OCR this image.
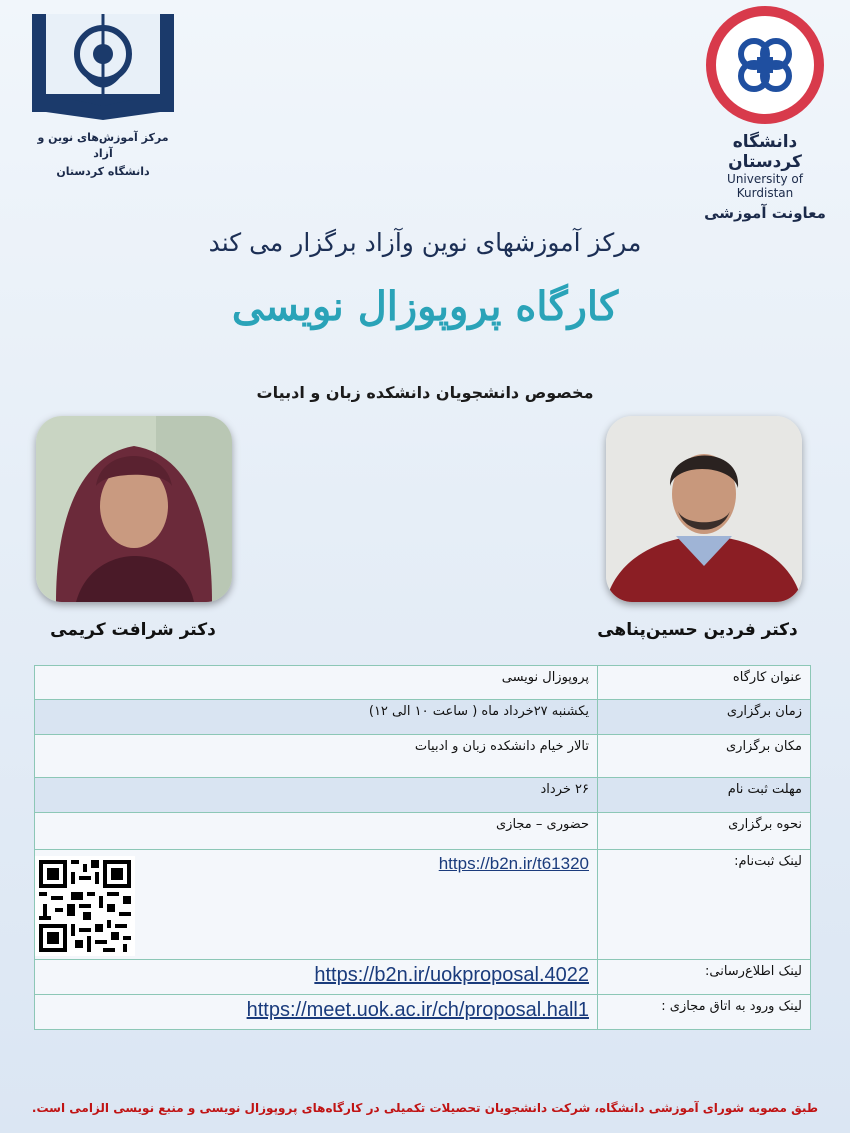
مرکز آموزش‌های نوین و آزاد
دانشگاه کردستان
دانشگاه کردستان
University of Kurdistan
معاونت آموزشی
مرکز آموزشهای نوین وآزاد برگزار می کند
کارگاه پروپوزال نویسی
مخصوص دانشجویان دانشکده زبان و ادبیات
دکتر شرافت کریمی	دکتر فردین حسین‌پناهی
عنوان کارگاه	پروپوزال نویسی
زمان برگزاری	یکشنبه ۲۷خرداد ماه ( ساعت ۱۰ الی ۱۲)
مکان برگزاری	تالار خیام دانشکده زبان و ادبیات
مهلت ثبت نام	۲۶ خرداد
نحوه برگزاری	حضوری – مجازی
لینک ثبت‌نام:	https://b2n.ir/t61320

لینک اطلاع‌رسانی:	https://b2n.ir/uokproposal.4022
لینک ورود به اتاق مجازی :	https://meet.uok.ac.ir/ch/proposal.hall1
طبق مصوبه شورای آموزشی دانشگاه، شرکت دانشجویان تحصیلات تکمیلی در کارگاه‌های پروپوزال نویسی و منبع نویسی الزامی است.
